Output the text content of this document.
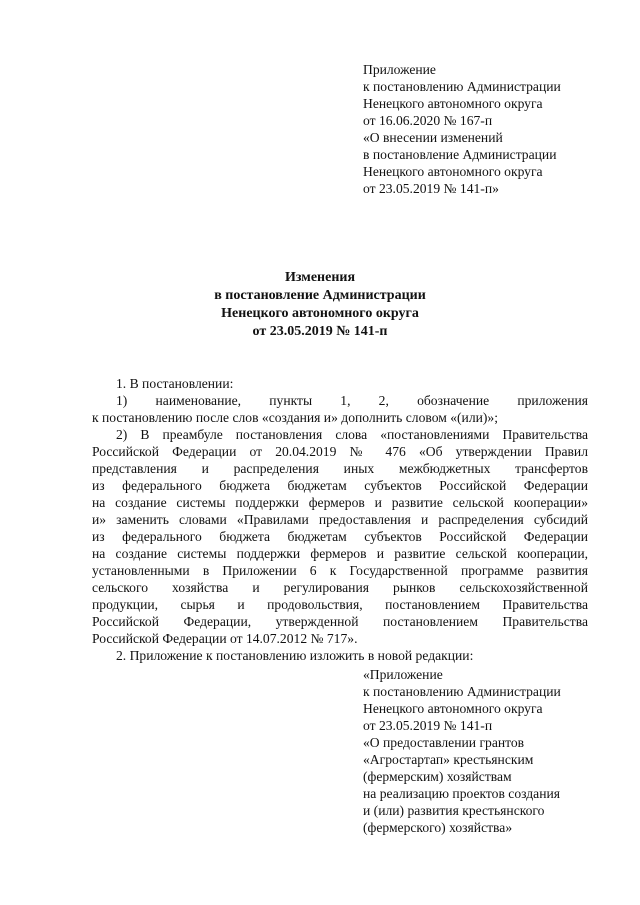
Приложение
к постановлению Администрации
Ненецкого автономного округа
от 16.06.2020 № 167-п
«О внесении изменений
в постановление Администрации
Ненецкого автономного округа
от 23.05.2019 № 141-п»
Изменения
в постановление Администрации
Ненецкого автономного округа
от 23.05.2019 № 141-п
1. В постановлении:
1) наименование, пункты 1, 2, обозначение приложения
к постановлению после слов «создания и» дополнить словом «(или)»;
2) В преамбуле постановления слова «постановлениями Правительства
Российской Федерации от 20.04.2019 № 476 «Об утверждении Правил
представления и распределения иных межбюджетных трансфертов
из федерального бюджета бюджетам субъектов Российской Федерации
на создание системы поддержки фермеров и развитие сельской кооперации»
и» заменить словами «Правилами предоставления и распределения субсидий
из федерального бюджета бюджетам субъектов Российской Федерации
на создание системы поддержки фермеров и развитие сельской кооперации,
установленными в Приложении 6 к Государственной программе развития
сельского хозяйства и регулирования рынков сельскохозяйственной
продукции, сырья и продовольствия, постановлением Правительства
Российской Федерации, утвержденной постановлением Правительства
Российской Федерации от 14.07.2012 № 717».
2. Приложение к постановлению изложить в новой редакции:
«Приложение
к постановлению Администрации
Ненецкого автономного округа
от 23.05.2019 № 141-п
«О предоставлении грантов
«Агростартап» крестьянским
(фермерским) хозяйствам
на реализацию проектов создания
и (или) развития крестьянского
(фермерского) хозяйства»
